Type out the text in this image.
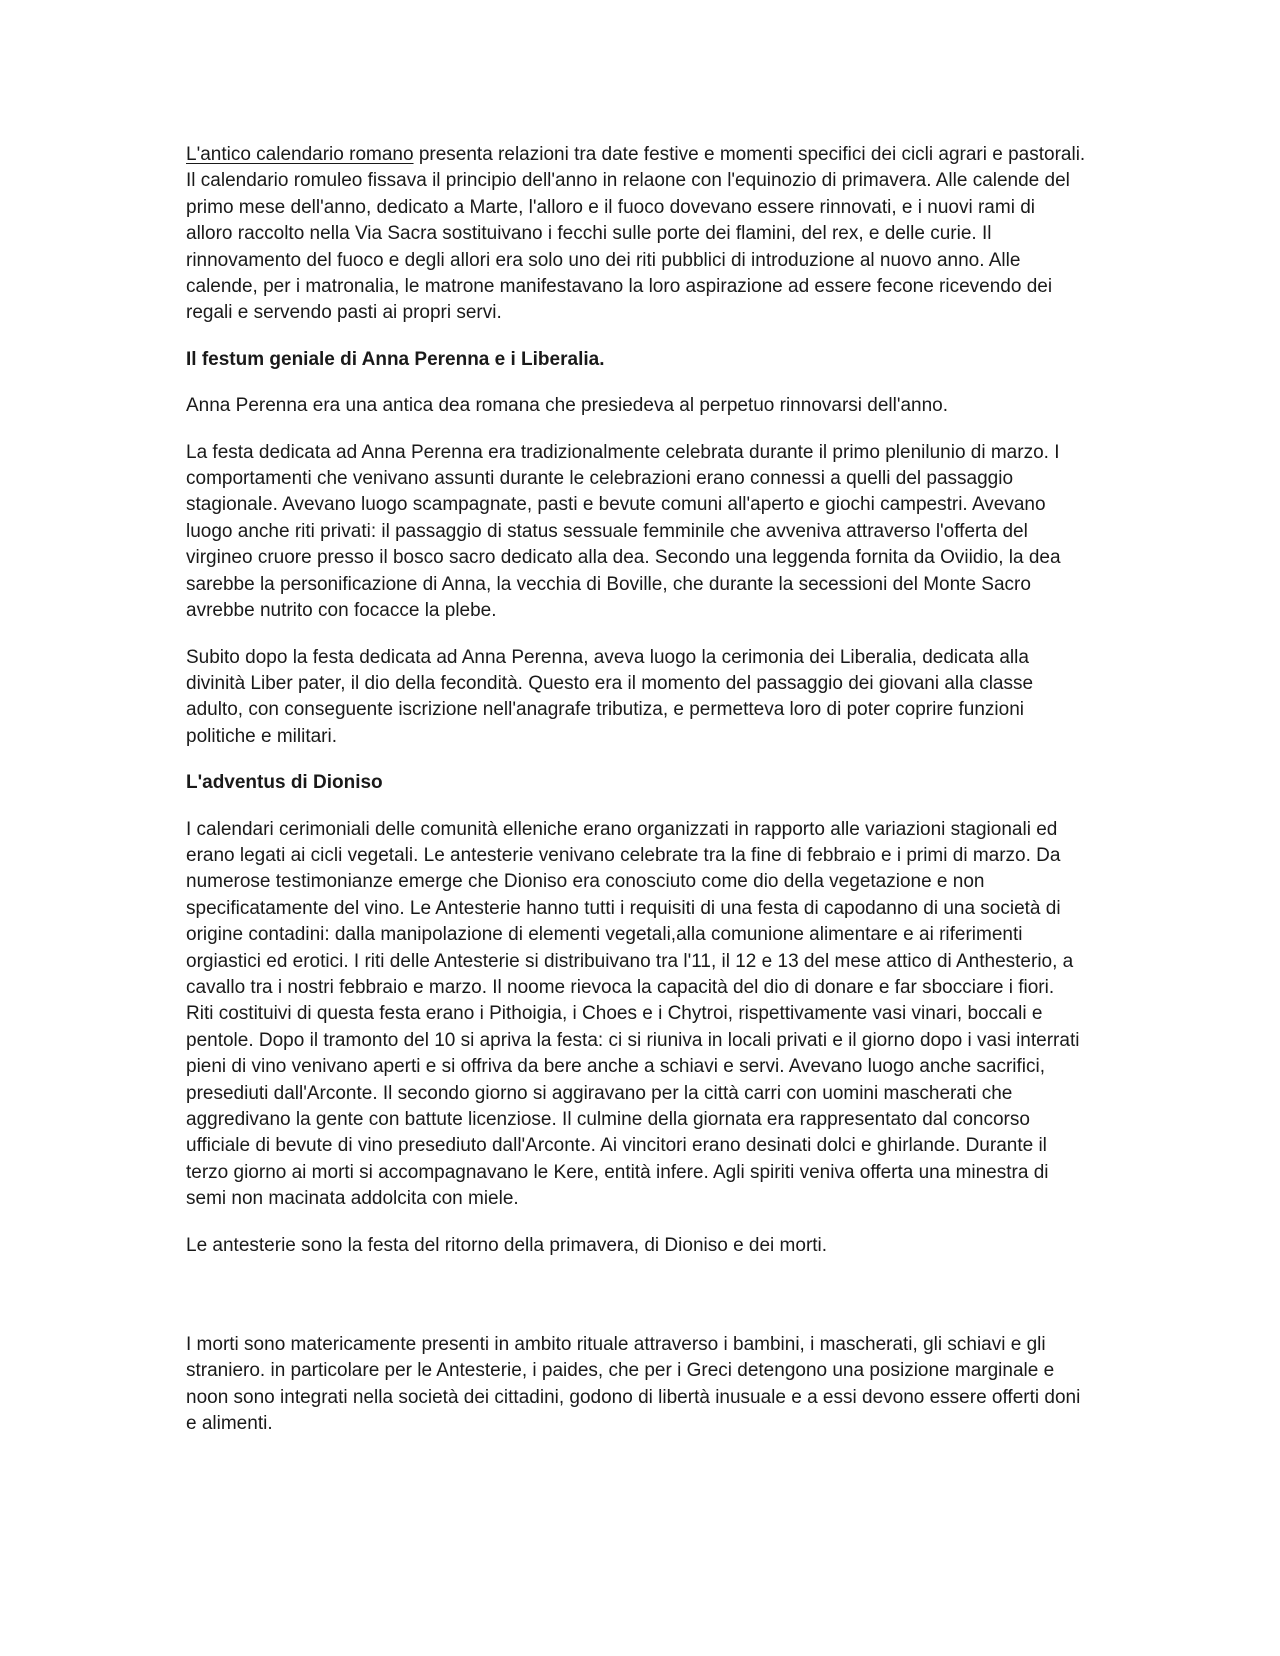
L'antico calendario romano presenta relazioni tra date festive e momenti specifici dei cicli agrari e pastorali. Il calendario romuleo fissava il principio dell'anno in relaone con l'equinozio di primavera. Alle calende del primo mese dell'anno, dedicato a Marte, l'alloro e il fuoco dovevano essere rinnovati, e i nuovi rami di alloro raccolto nella Via Sacra sostituivano i fecchi sulle porte dei flamini, del rex, e delle curie. Il rinnovamento del fuoco e degli allori era solo uno dei riti pubblici di introduzione al nuovo anno. Alle calende, per i matronalia, le matrone manifestavano la loro aspirazione ad essere fecone ricevendo dei regali e servendo pasti ai propri servi.

Il festum geniale di Anna Perenna e i Liberalia.

Anna Perenna era una antica dea romana che presiedeva al perpetuo rinnovarsi dell'anno.

La festa dedicata ad Anna Perenna era tradizionalmente celebrata durante il primo plenilunio di marzo. I comportamenti che venivano assunti durante le celebrazioni erano connessi a quelli del passaggio stagionale. Avevano luogo scampagnate, pasti e bevute comuni all'aperto e giochi campestri. Avevano luogo anche riti privati: il passaggio di status sessuale femminile che avveniva attraverso l'offerta del virgineo cruore presso il bosco sacro dedicato alla dea. Secondo una leggenda fornita da Oviidio, la dea sarebbe la personificazione di Anna, la vecchia di Boville, che durante la secessioni del Monte Sacro avrebbe nutrito con focacce la plebe.

Subito dopo la festa dedicata ad Anna Perenna, aveva luogo la cerimonia dei Liberalia, dedicata alla divinità Liber pater, il dio della fecondità. Questo era il momento del passaggio dei giovani alla classe adulto, con conseguente iscrizione nell'anagrafe tributiza, e permetteva loro di poter coprire funzioni politiche e militari.

L'adventus di Dioniso

I calendari cerimoniali delle comunità elleniche erano organizzati in rapporto alle variazioni stagionali ed erano legati ai cicli vegetali. Le antesterie venivano celebrate tra la fine di febbraio e i primi di marzo. Da numerose testimonianze emerge che Dioniso era conosciuto come dio della vegetazione e non specificatamente del vino. Le Antesterie hanno tutti i requisiti di una festa di capodanno di una società di origine contadini: dalla manipolazione di elementi vegetali,alla comunione alimentare e ai riferimenti orgiastici ed erotici. I riti delle Antesterie si distribuivano tra l'11, il 12 e 13 del mese attico di Anthesterio, a cavallo tra i nostri febbraio e marzo. Il noome rievoca la capacità del dio di donare e far sbocciare i fiori. Riti costituivi di questa festa erano i Pithoigia, i Choes e i Chytroi, rispettivamente vasi vinari, boccali e pentole. Dopo il tramonto del 10 si apriva la festa: ci si riuniva in locali privati e il giorno dopo i vasi interrati pieni di vino venivano aperti e si offriva da bere anche a schiavi e servi. Avevano luogo anche sacrifici, presediuti dall'Arconte. Il secondo giorno si aggiravano per la città carri con uomini mascherati che aggredivano la gente con battute licenziose. Il culmine della giornata era rappresentato dal concorso ufficiale di bevute di vino presediuto dall'Arconte. Ai vincitori erano desinati dolci e ghirlande. Durante il terzo giorno ai morti si accompagnavano le Kere, entità infere. Agli spiriti veniva offerta una minestra di semi non macinata addolcita con miele.

Le antesterie sono la festa del ritorno della primavera, di Dioniso e dei morti.

I morti sono matericamente presenti in ambito rituale attraverso i bambini, i mascherati, gli schiavi e gli straniero. in particolare per le Antesterie, i paides, che per i Greci detengono una posizione marginale e noon sono integrati nella società dei cittadini, godono di libertà inusuale e a essi devono essere offerti doni e alimenti.
